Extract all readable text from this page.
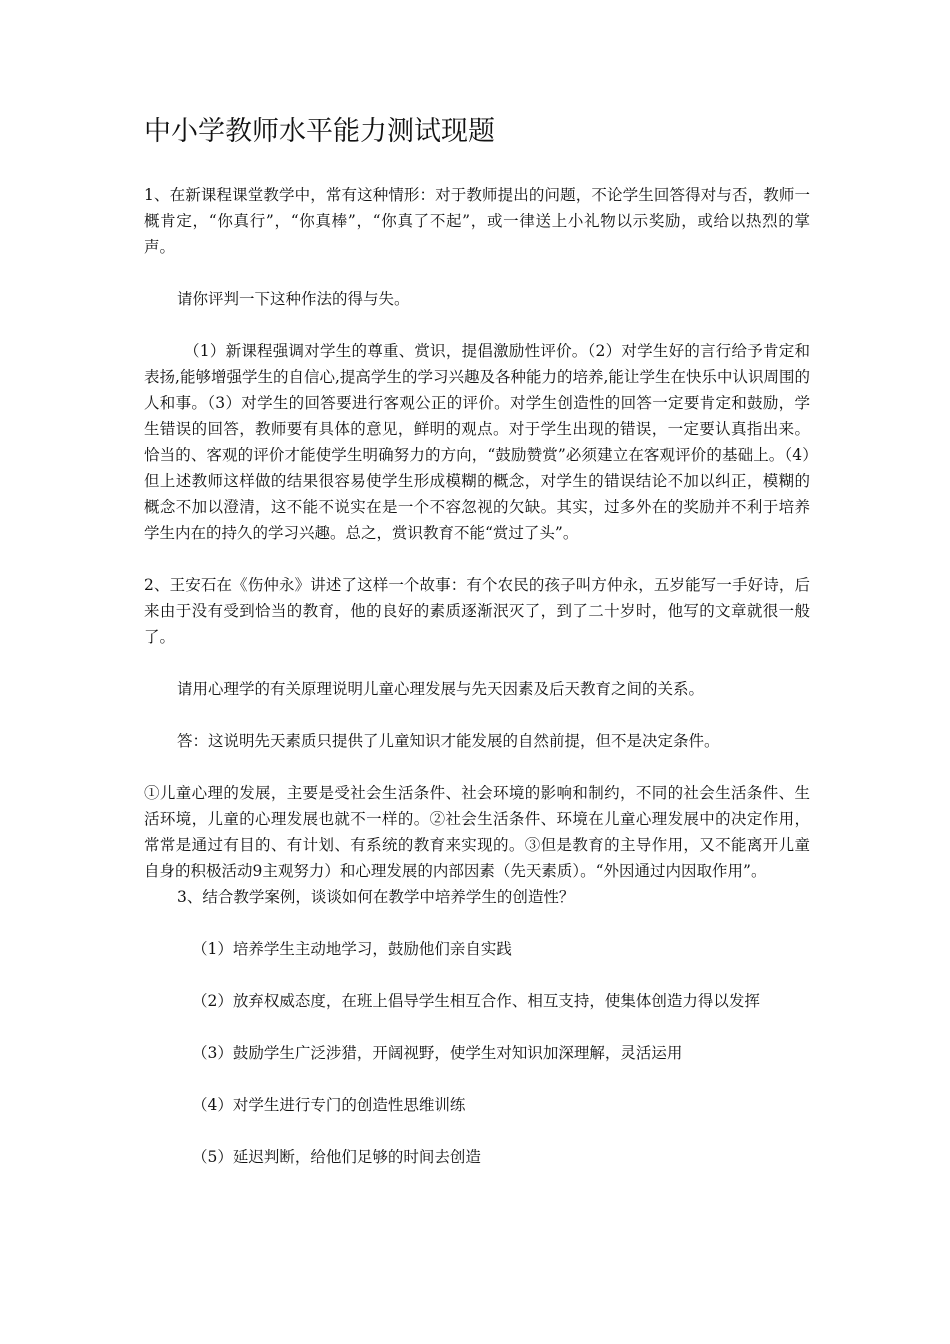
中小学教师水平能力测试现题

1、在新课程课堂教学中，常有这种情形：对于教师提出的问题，不论学生回答得对与否，教师一概肯定，“你真行”，“你真棒”，“你真了不起”，或一律送上小礼物以示奖励，或给以热烈的掌声。

请你评判一下这种作法的得与失。

（1）新课程强调对学生的尊重、赏识，提倡激励性评价。（2）对学生好的言行给予肯定和表扬,能够增强学生的自信心,提高学生的学习兴趣及各种能力的培养,能让学生在快乐中认识周围的人和事。（3）对学生的回答要进行客观公正的评价。对学生创造性的回答一定要肯定和鼓励，学生错误的回答，教师要有具体的意见，鲜明的观点。对于学生出现的错误，一定要认真指出来。恰当的、客观的评价才能使学生明确努力的方向，“鼓励赞赏”必须建立在客观评价的基础上。（4）但上述教师这样做的结果很容易使学生形成模糊的概念，对学生的错误结论不加以纠正，模糊的概念不加以澄清，这不能不说实在是一个不容忽视的欠缺。其实，过多外在的奖励并不利于培养学生内在的持久的学习兴趣。总之，赏识教育不能“赏过了头”。

2、王安石在《伤仲永》讲述了这样一个故事：有个农民的孩子叫方仲永，五岁能写一手好诗，后来由于没有受到恰当的教育，他的良好的素质逐渐泯灭了，到了二十岁时，他写的文章就很一般了。

请用心理学的有关原理说明儿童心理发展与先天因素及后天教育之间的关系。

答：这说明先天素质只提供了儿童知识才能发展的自然前提，但不是决定条件。

①儿童心理的发展，主要是受社会生活条件、社会环境的影响和制约，不同的社会生活条件、生活环境，儿童的心理发展也就不一样的。②社会生活条件、环境在儿童心理发展中的决定作用，常常是通过有目的、有计划、有系统的教育来实现的。③但是教育的主导作用，又不能离开儿童自身的积极活动9主观努力）和心理发展的内部因素（先天素质）。“外因通过内因取作用”。

3、结合教学案例，谈谈如何在教学中培养学生的创造性？

（1）培养学生主动地学习，鼓励他们亲自实践

（2）放弃权威态度，在班上倡导学生相互合作、相互支持，使集体创造力得以发挥

（3）鼓励学生广泛涉猎，开阔视野，使学生对知识加深理解，灵活运用

（4）对学生进行专门的创造性思维训练

（5）延迟判断，给他们足够的时间去创造
